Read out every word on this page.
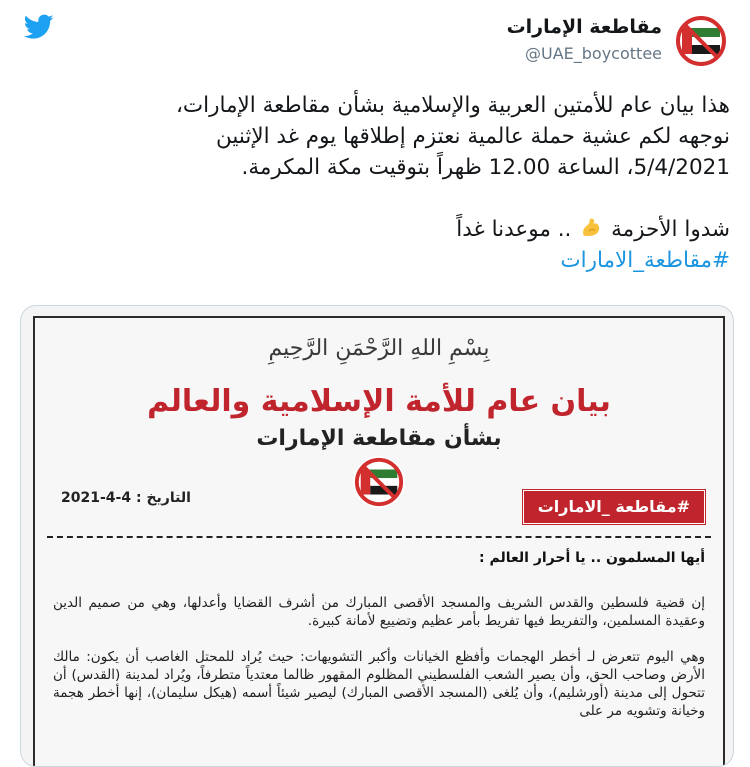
مقاطعة الإمارات
@UAE_boycottee

هذا بيان عام للأمتين العربية والإسلامية بشأن مقاطعة الإمارات،

نوجهه لكم عشية حملة عالمية نعتزم إطلاقها يوم غد الإثنين

5/4/2021، الساعة 12.00 ظهراً بتوقيت مكة المكرمة.

شدوا الأحزمة  .. موعدنا غداً

#مقاطعة_الامارات

بِسْمِ اللهِ الرَّحْمَنِ الرَّحِيمِ
بيان عام للأمة الإسلامية والعالم
بشأن مقاطعة الإمارات
#مقاطعة _الامارات
التاريخ : 4-4-2021
أيها المسلمون .. يا أحرار العالم :

إن قضية فلسطين والقدس الشريف والمسجد الأقصى المبارك من أشرف القضايا وأعدلها، وهي من صميم الدين وعقيدة المسلمين، والتفريط فيها تفريط بأمر عظيم وتضييع لأمانة كبيرة.

وهي اليوم تتعرض لـ أخطر الهجمات وأفظع الخيانات وأكبر التشويهات: حيث يُراد للمحتل الغاصب أن يكون: مالك الأرض وصاحب الحق، وأن يصير الشعب الفلسطيني المظلوم المقهور ظالما معتدياً متطرفاً، ويُراد لمدينة (القدس) أن تتحول إلى مدينة (أورشليم)، وأن يُلغى (المسجد الأقصى المبارك) ليصير شيئاً أسمه (هيكل سليمان)، إنها أخطر هجمة وخيانة وتشويه مر على
